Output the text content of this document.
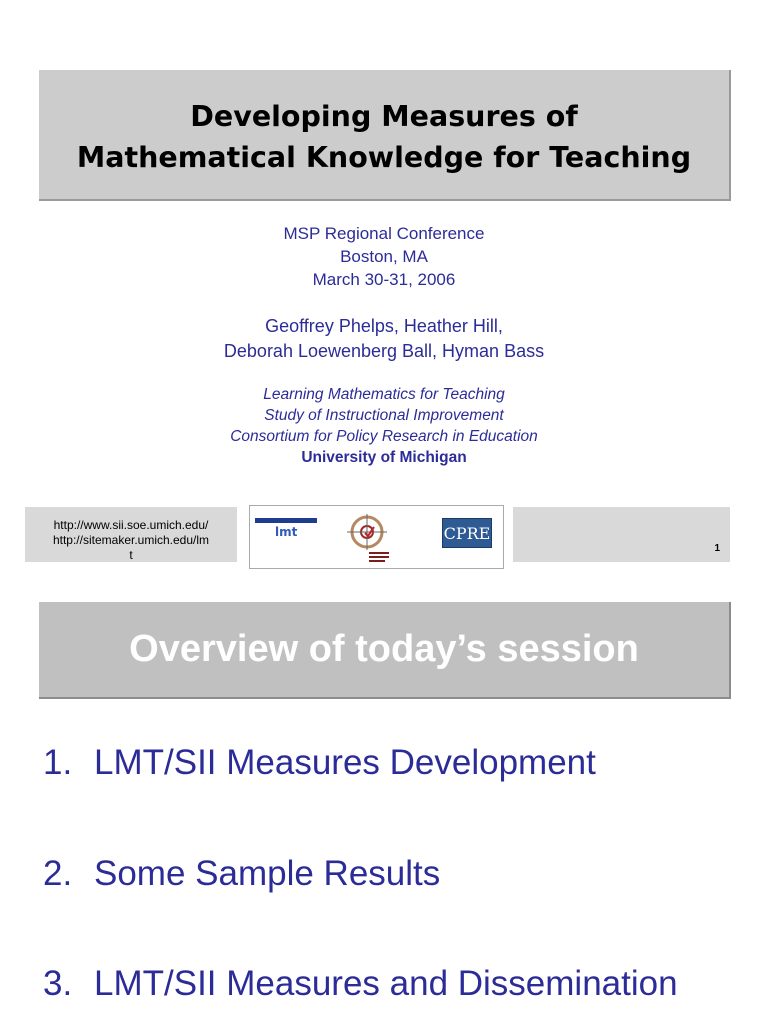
Developing Measures of
Mathematical Knowledge for Teaching
MSP Regional Conference
Boston, MA
March 30-31, 2006
Geoffrey Phelps, Heather Hill,
Deborah Loewenberg Ball, Hyman Bass
Learning Mathematics for Teaching
Study of Instructional Improvement
Consortium for Policy Research in Education
University of Michigan
http://www.sii.soe.umich.edu/
http://sitemaker.umich.edu/lm
t
lmt	CPRE
1
Overview of today’s session
1. LMT/SII Measures Development
2. Some Sample Results
3. LMT/SII Measures and Dissemination
